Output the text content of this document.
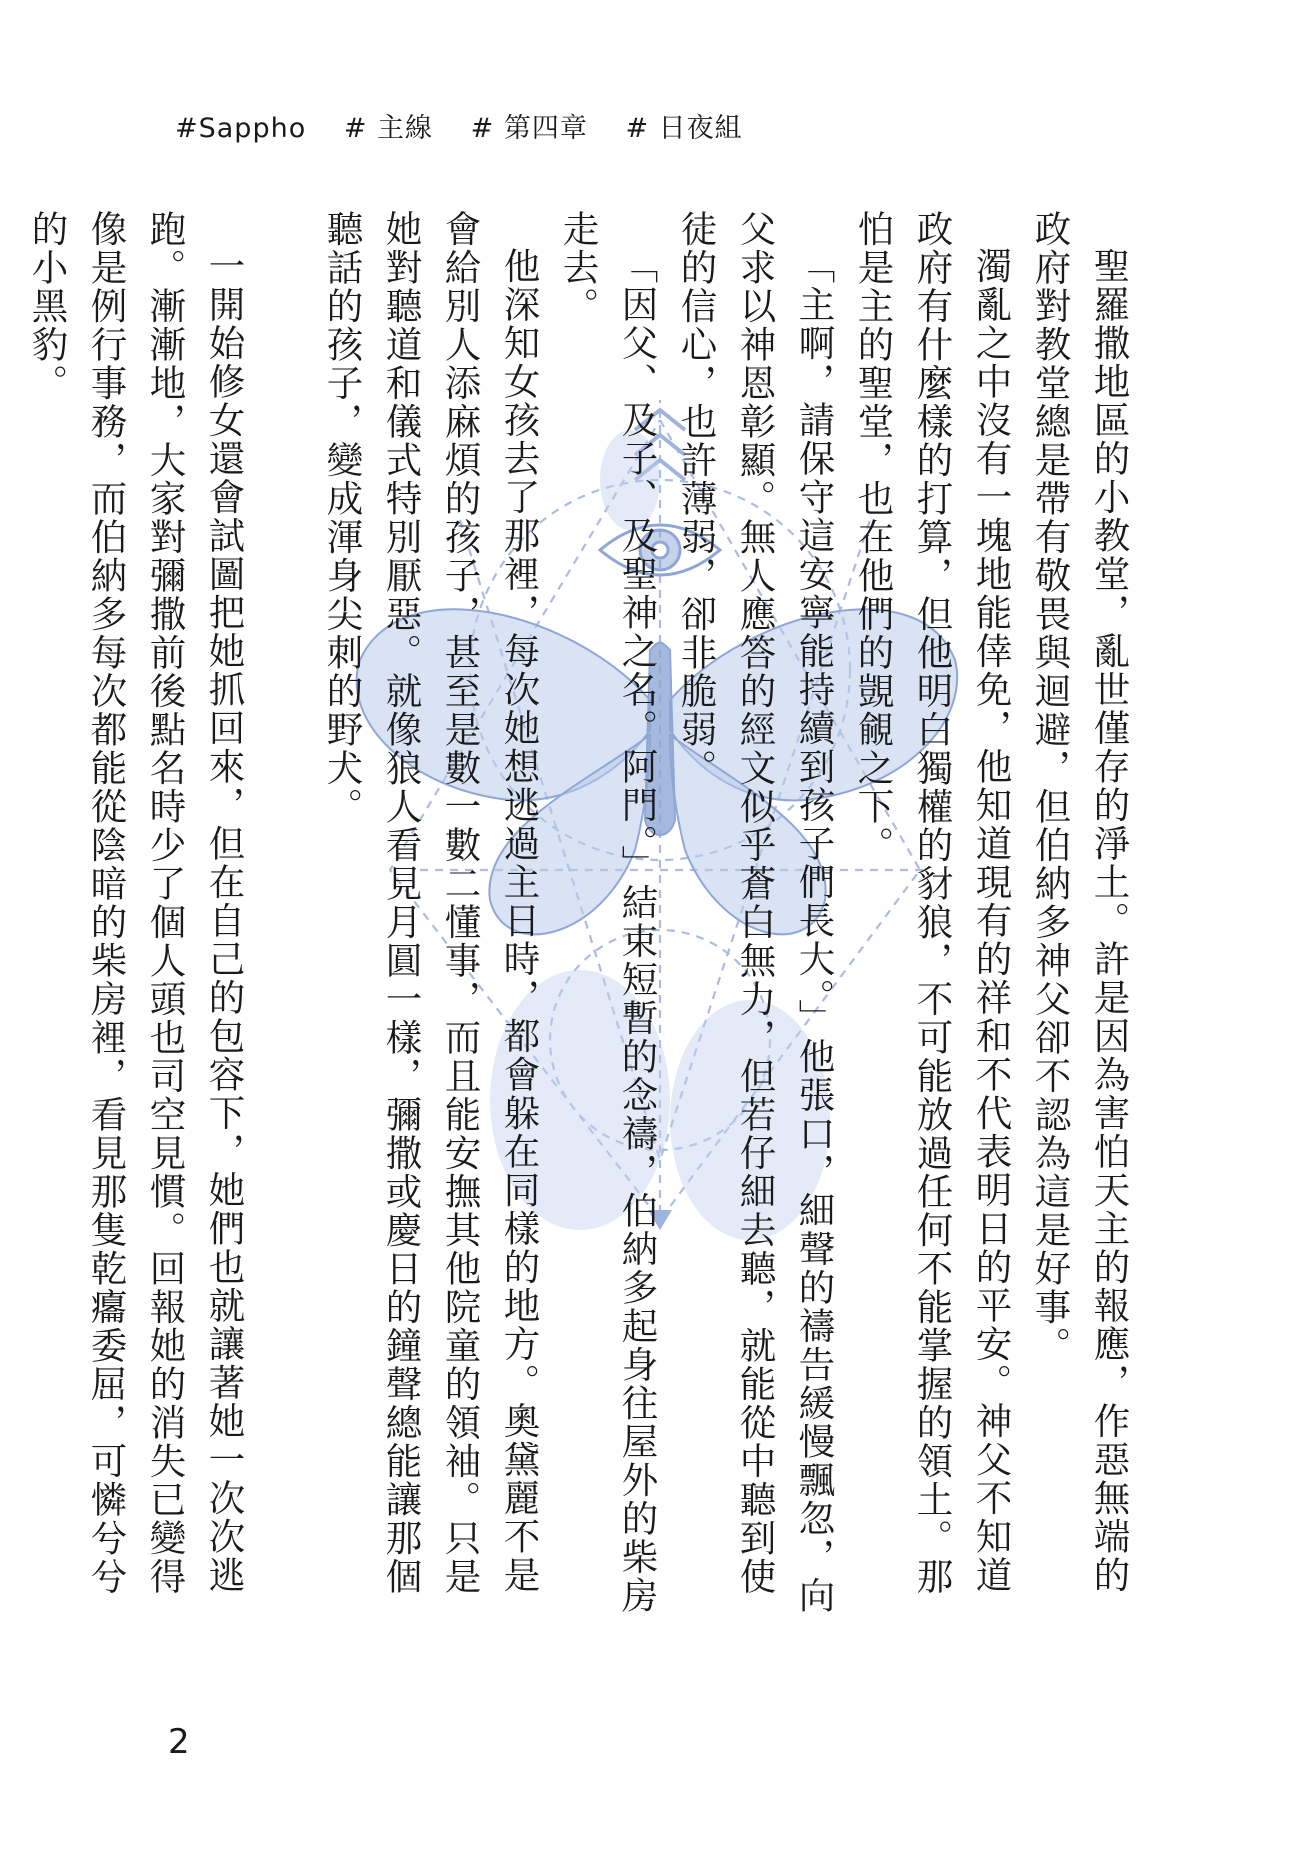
#Sappho # 主線 # 第四章 # 日夜組

聖羅撒地區的小教堂，亂世僅存的淨土。許是因為害怕天主的報應，作惡無端的政府對教堂總是帶有敬畏與迴避，但伯納多神父卻不認為這是好事。

濁亂之中沒有一塊地能倖免，他知道現有的祥和不代表明日的平安。神父不知道政府有什麼樣的打算，但他明白獨權的豺狼，不可能放過任何不能掌握的領土。那怕是主的聖堂，也在他們的覬覦之下。

「主啊，請保守這安寧能持續到孩子們長大。」他張口，細聲的禱告緩慢飄忽，向父求以神恩彰顯。無人應答的經文似乎蒼白無力，但若仔細去聽，就能從中聽到使徒的信心，也許薄弱，卻非脆弱。

「因父、及子、及聖神之名。阿門。」結束短暫的念禱，伯納多起身往屋外的柴房走去。

他深知女孩去了那裡，每次她想逃過主日時，都會躲在同樣的地方。奧黛麗不是會給別人添麻煩的孩子，甚至是數一數二懂事，而且能安撫其他院童的領袖。只是她對聽道和儀式特別厭惡。就像狼人看見月圓一樣，彌撒或慶日的鐘聲總能讓那個聽話的孩子，變成渾身尖刺的野犬。

一開始修女還會試圖把她抓回來，但在自己的包容下，她們也就讓著她一次次逃跑。漸漸地，大家對彌撒前後點名時少了個人頭也司空見慣。回報她的消失已變得像是例行事務，而伯納多每次都能從陰暗的柴房裡，看見那隻乾癟委屈，可憐兮兮的小黑豹。

2
